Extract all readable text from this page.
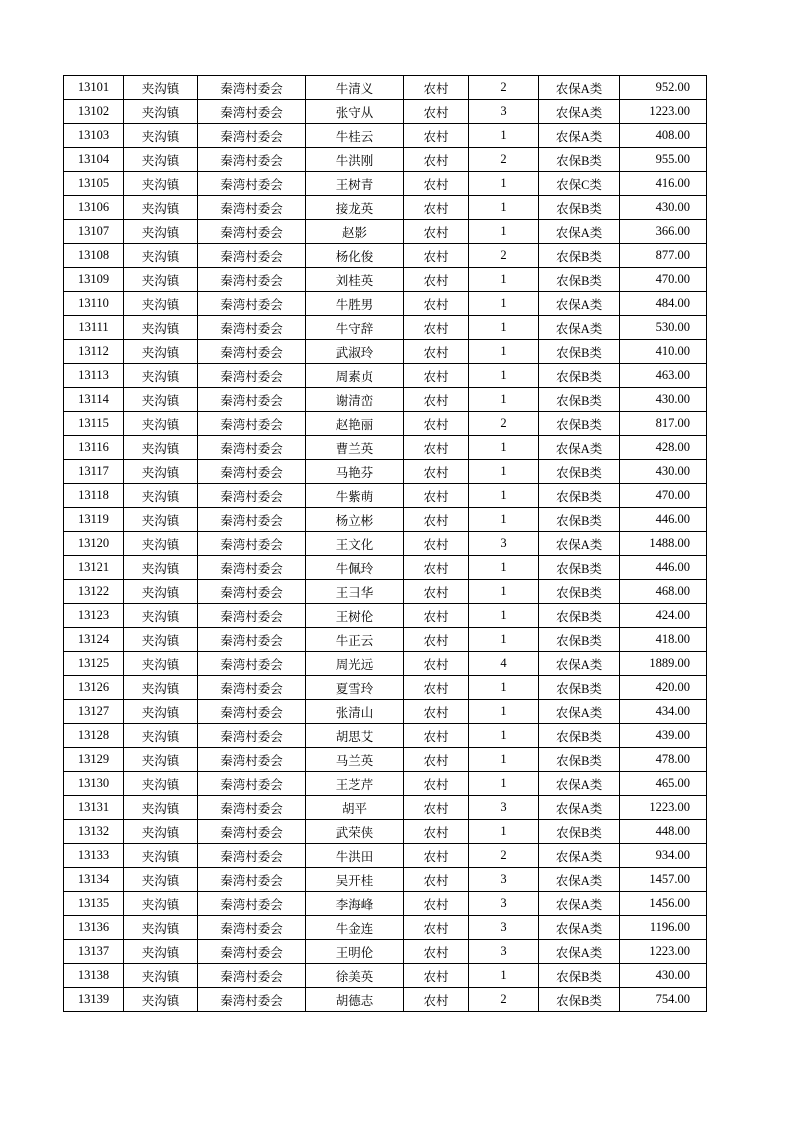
13101	夹沟镇	秦湾村委会	牛清义	农村	2	农保A类	952.00
13102	夹沟镇	秦湾村委会	张守从	农村	3	农保A类	1223.00
13103	夹沟镇	秦湾村委会	牛桂云	农村	1	农保A类	408.00
13104	夹沟镇	秦湾村委会	牛洪刚	农村	2	农保B类	955.00
13105	夹沟镇	秦湾村委会	王树青	农村	1	农保C类	416.00
13106	夹沟镇	秦湾村委会	接龙英	农村	1	农保B类	430.00
13107	夹沟镇	秦湾村委会	赵影	农村	1	农保A类	366.00
13108	夹沟镇	秦湾村委会	杨化俊	农村	2	农保B类	877.00
13109	夹沟镇	秦湾村委会	刘桂英	农村	1	农保B类	470.00
13110	夹沟镇	秦湾村委会	牛胜男	农村	1	农保A类	484.00
13111	夹沟镇	秦湾村委会	牛守辞	农村	1	农保A类	530.00
13112	夹沟镇	秦湾村委会	武淑玲	农村	1	农保B类	410.00
13113	夹沟镇	秦湾村委会	周素贞	农村	1	农保B类	463.00
13114	夹沟镇	秦湾村委会	谢清峦	农村	1	农保B类	430.00
13115	夹沟镇	秦湾村委会	赵艳丽	农村	2	农保B类	817.00
13116	夹沟镇	秦湾村委会	曹兰英	农村	1	农保A类	428.00
13117	夹沟镇	秦湾村委会	马艳芬	农村	1	农保B类	430.00
13118	夹沟镇	秦湾村委会	牛紫萌	农村	1	农保B类	470.00
13119	夹沟镇	秦湾村委会	杨立彬	农村	1	农保B类	446.00
13120	夹沟镇	秦湾村委会	王文化	农村	3	农保A类	1488.00
13121	夹沟镇	秦湾村委会	牛佩玲	农村	1	农保B类	446.00
13122	夹沟镇	秦湾村委会	王彐华	农村	1	农保B类	468.00
13123	夹沟镇	秦湾村委会	王树伦	农村	1	农保B类	424.00
13124	夹沟镇	秦湾村委会	牛正云	农村	1	农保B类	418.00
13125	夹沟镇	秦湾村委会	周光远	农村	4	农保A类	1889.00
13126	夹沟镇	秦湾村委会	夏雪玲	农村	1	农保B类	420.00
13127	夹沟镇	秦湾村委会	张清山	农村	1	农保A类	434.00
13128	夹沟镇	秦湾村委会	胡思艾	农村	1	农保B类	439.00
13129	夹沟镇	秦湾村委会	马兰英	农村	1	农保B类	478.00
13130	夹沟镇	秦湾村委会	王芝芹	农村	1	农保A类	465.00
13131	夹沟镇	秦湾村委会	胡平	农村	3	农保A类	1223.00
13132	夹沟镇	秦湾村委会	武荣侠	农村	1	农保B类	448.00
13133	夹沟镇	秦湾村委会	牛洪田	农村	2	农保A类	934.00
13134	夹沟镇	秦湾村委会	吴开桂	农村	3	农保A类	1457.00
13135	夹沟镇	秦湾村委会	李海峰	农村	3	农保A类	1456.00
13136	夹沟镇	秦湾村委会	牛金连	农村	3	农保A类	1196.00
13137	夹沟镇	秦湾村委会	王明伦	农村	3	农保A类	1223.00
13138	夹沟镇	秦湾村委会	徐美英	农村	1	农保B类	430.00
13139	夹沟镇	秦湾村委会	胡德志	农村	2	农保B类	754.00
